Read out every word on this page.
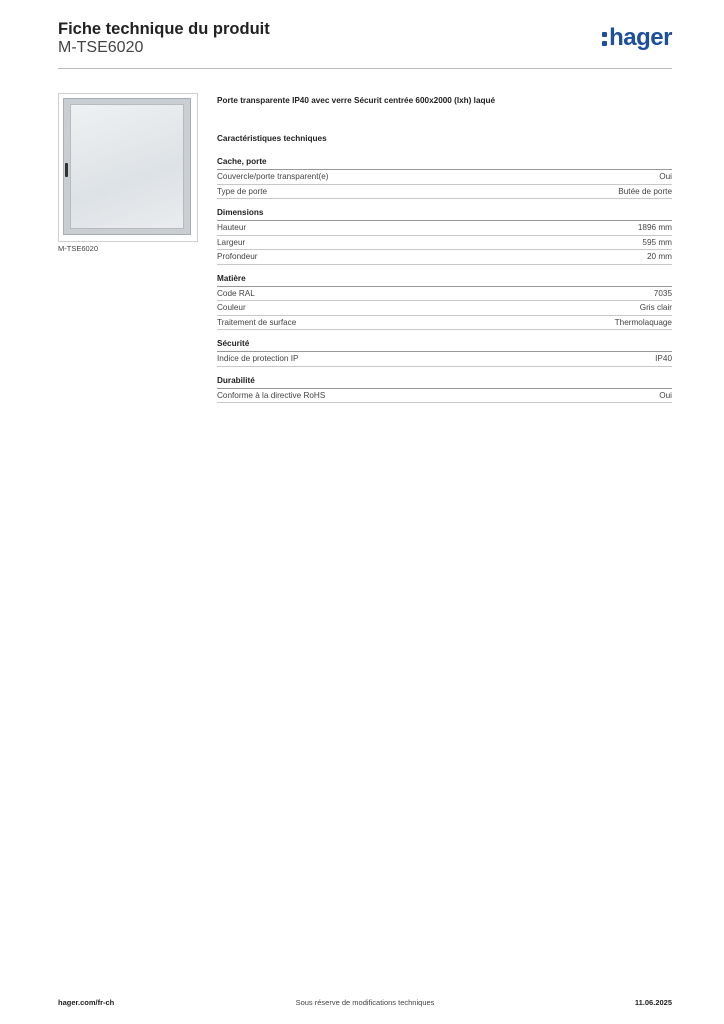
Fiche technique du produit
M-TSE6020	hager
M-TSE6020
Porte transparente IP40 avec verre Sécurit centrée 600x2000 (lxh) laqué
Caractéristiques techniques
Cache, porte
Couvercle/porte transparent(e)	Oui
Type de porte	Butée de porte
Dimensions
Hauteur	1896 mm
Largeur	595 mm
Profondeur	20 mm
Matière
Code RAL	7035
Couleur	Gris clair
Traitement de surface	Thermolaquage
Sécurité
Indice de protection IP	IP40
Durabilité
Conforme à la directive RoHS	Oui
Sous réserve de modifications techniques
hager.com/fr-ch	11.06.2025
